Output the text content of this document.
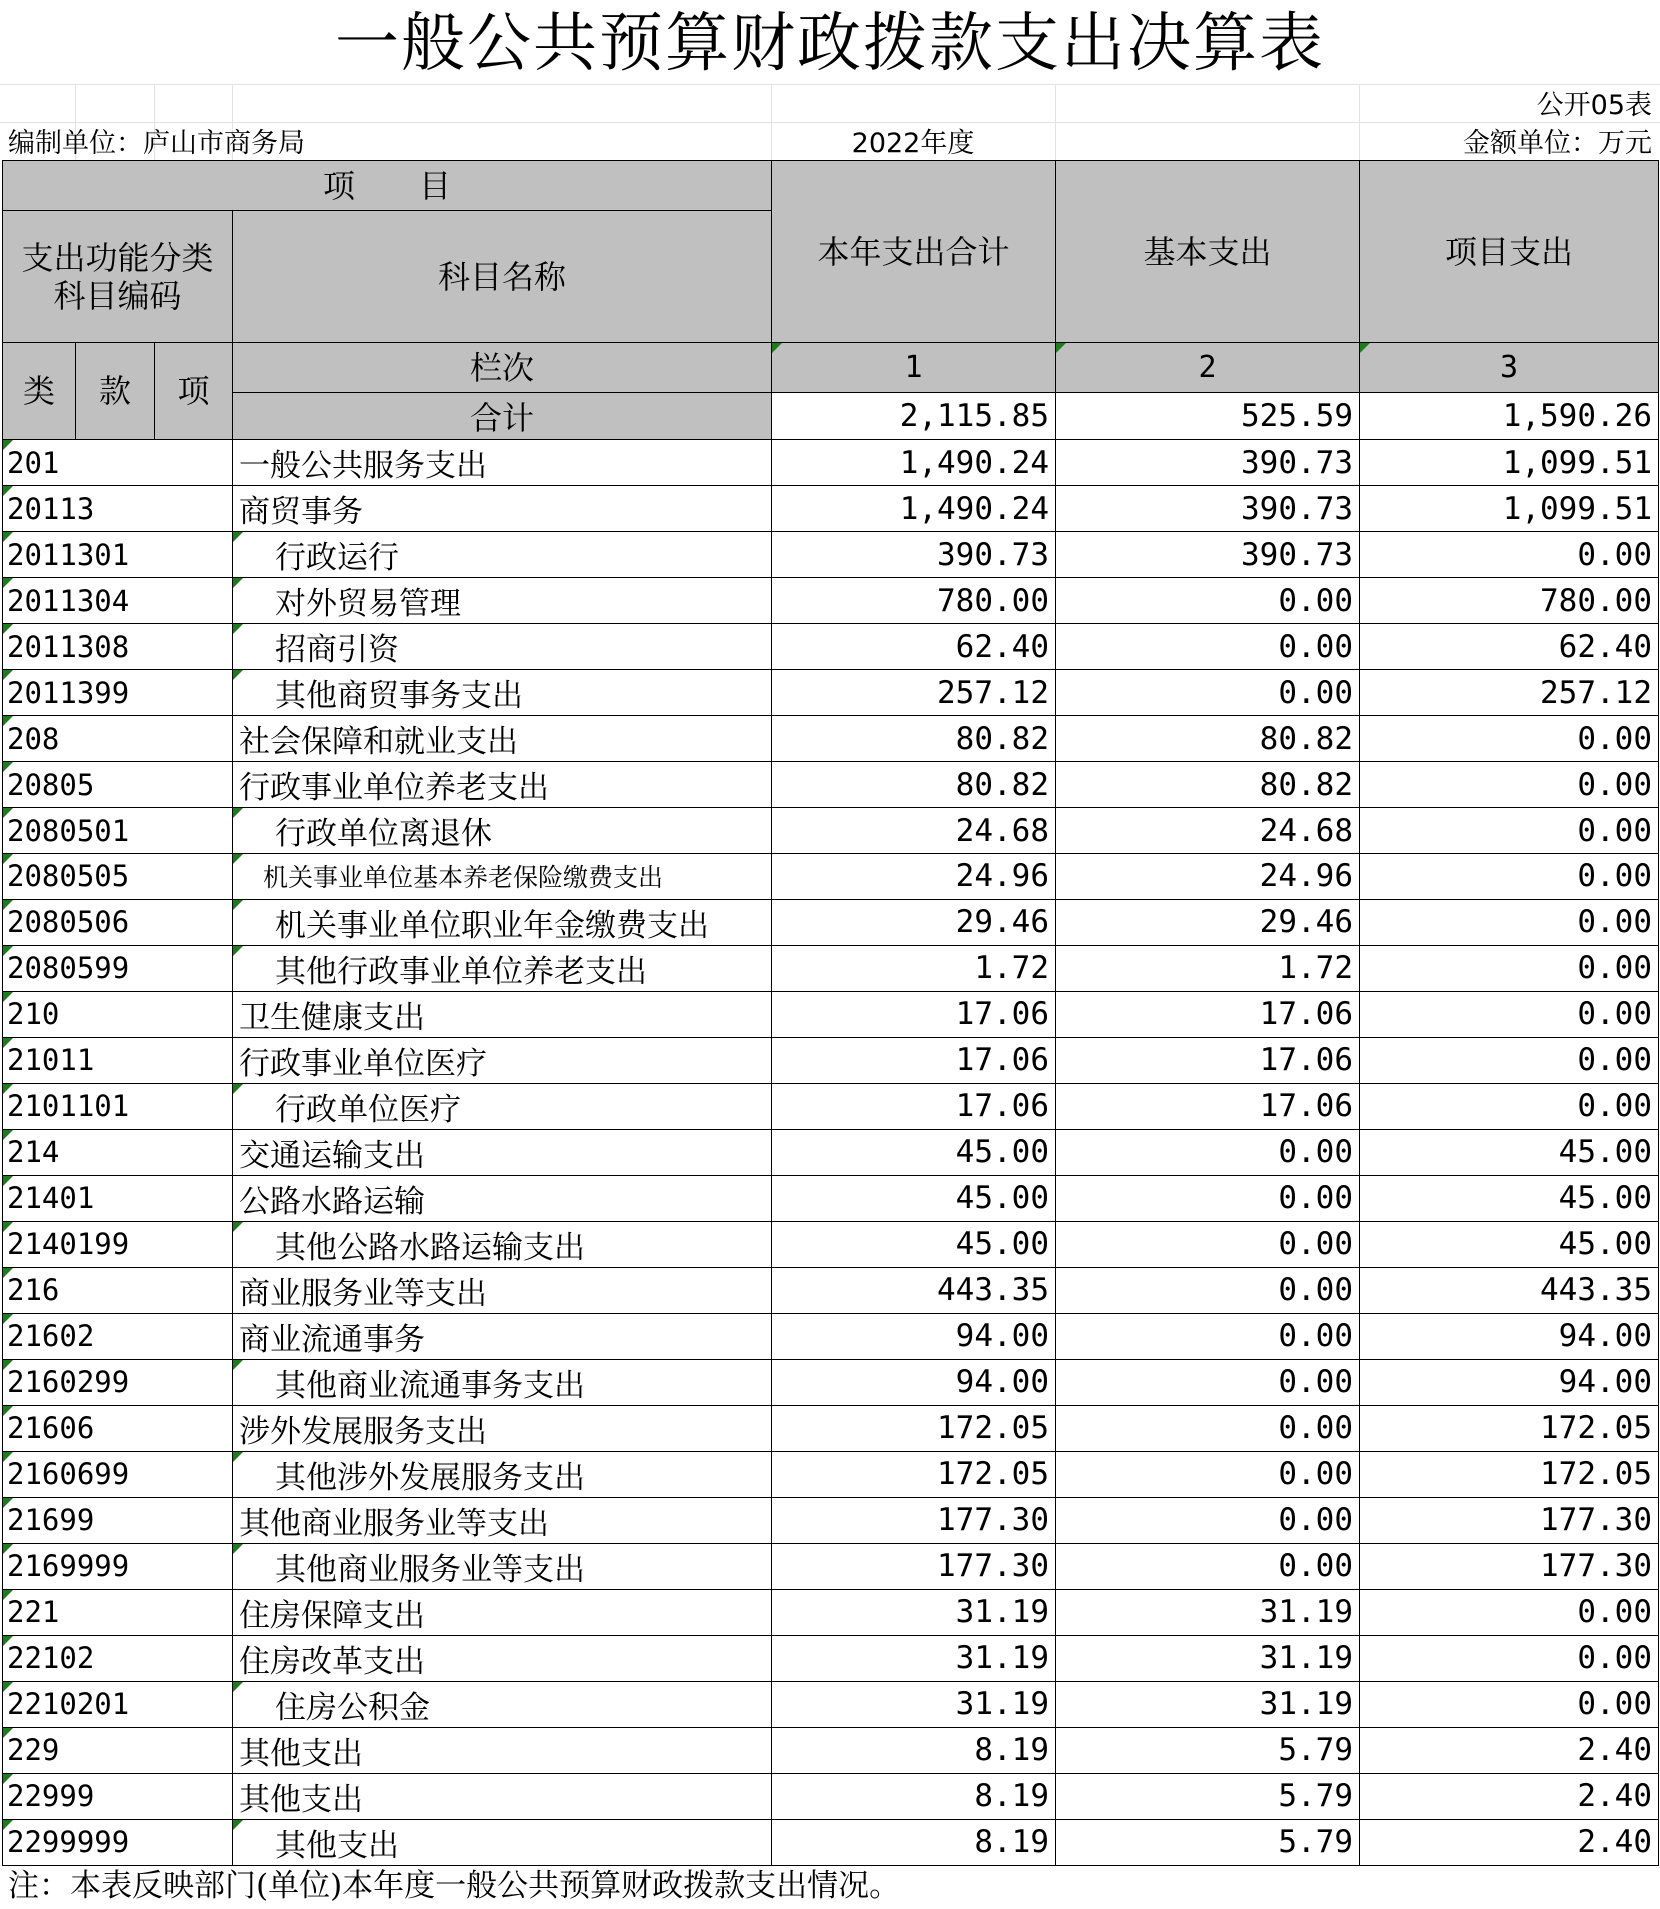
一般公共预算财政拨款支出决算表
公开05表
编制单位：庐山市商务局	2022年度	金额单位：万元
项　　目				本年支出合计	基本支出	项目支出

支出功能分类
科目编码			科目名称			
类	款	项	栏次	1	2	3
			合计	2,115.85	525.59	1,590.26

201			一般公共服务支出	1,490.24	390.73	1,099.51

20113			商贸事务	1,490.24	390.73	1,099.51

2011301			行政运行	390.73	390.73	0.00

2011304			对外贸易管理	780.00	0.00	780.00

2011308			招商引资	62.40	0.00	62.40

2011399			其他商贸事务支出	257.12	0.00	257.12

208			社会保障和就业支出	80.82	80.82	0.00

20805			行政事业单位养老支出	80.82	80.82	0.00

2080501			行政单位离退休	24.68	24.68	0.00

2080505			机关事业单位基本养老保险缴费支出	24.96	24.96	0.00

2080506			机关事业单位职业年金缴费支出	29.46	29.46	0.00

2080599			其他行政事业单位养老支出	1.72	1.72	0.00

210			卫生健康支出	17.06	17.06	0.00

21011			行政事业单位医疗	17.06	17.06	0.00

2101101			行政单位医疗	17.06	17.06	0.00

214			交通运输支出	45.00	0.00	45.00

21401			公路水路运输	45.00	0.00	45.00

2140199			其他公路水路运输支出	45.00	0.00	45.00

216			商业服务业等支出	443.35	0.00	443.35

21602			商业流通事务	94.00	0.00	94.00

2160299			其他商业流通事务支出	94.00	0.00	94.00

21606			涉外发展服务支出	172.05	0.00	172.05

2160699			其他涉外发展服务支出	172.05	0.00	172.05

21699			其他商业服务业等支出	177.30	0.00	177.30

2169999			其他商业服务业等支出	177.30	0.00	177.30

221			住房保障支出	31.19	31.19	0.00

22102			住房改革支出	31.19	31.19	0.00

2210201			住房公积金	31.19	31.19	0.00

229			其他支出	8.19	5.79	2.40

22999			其他支出	8.19	5.79	2.40

2299999			其他支出	8.19	5.79	2.40
注：本表反映部门(单位)本年度一般公共预算财政拨款支出情况。
